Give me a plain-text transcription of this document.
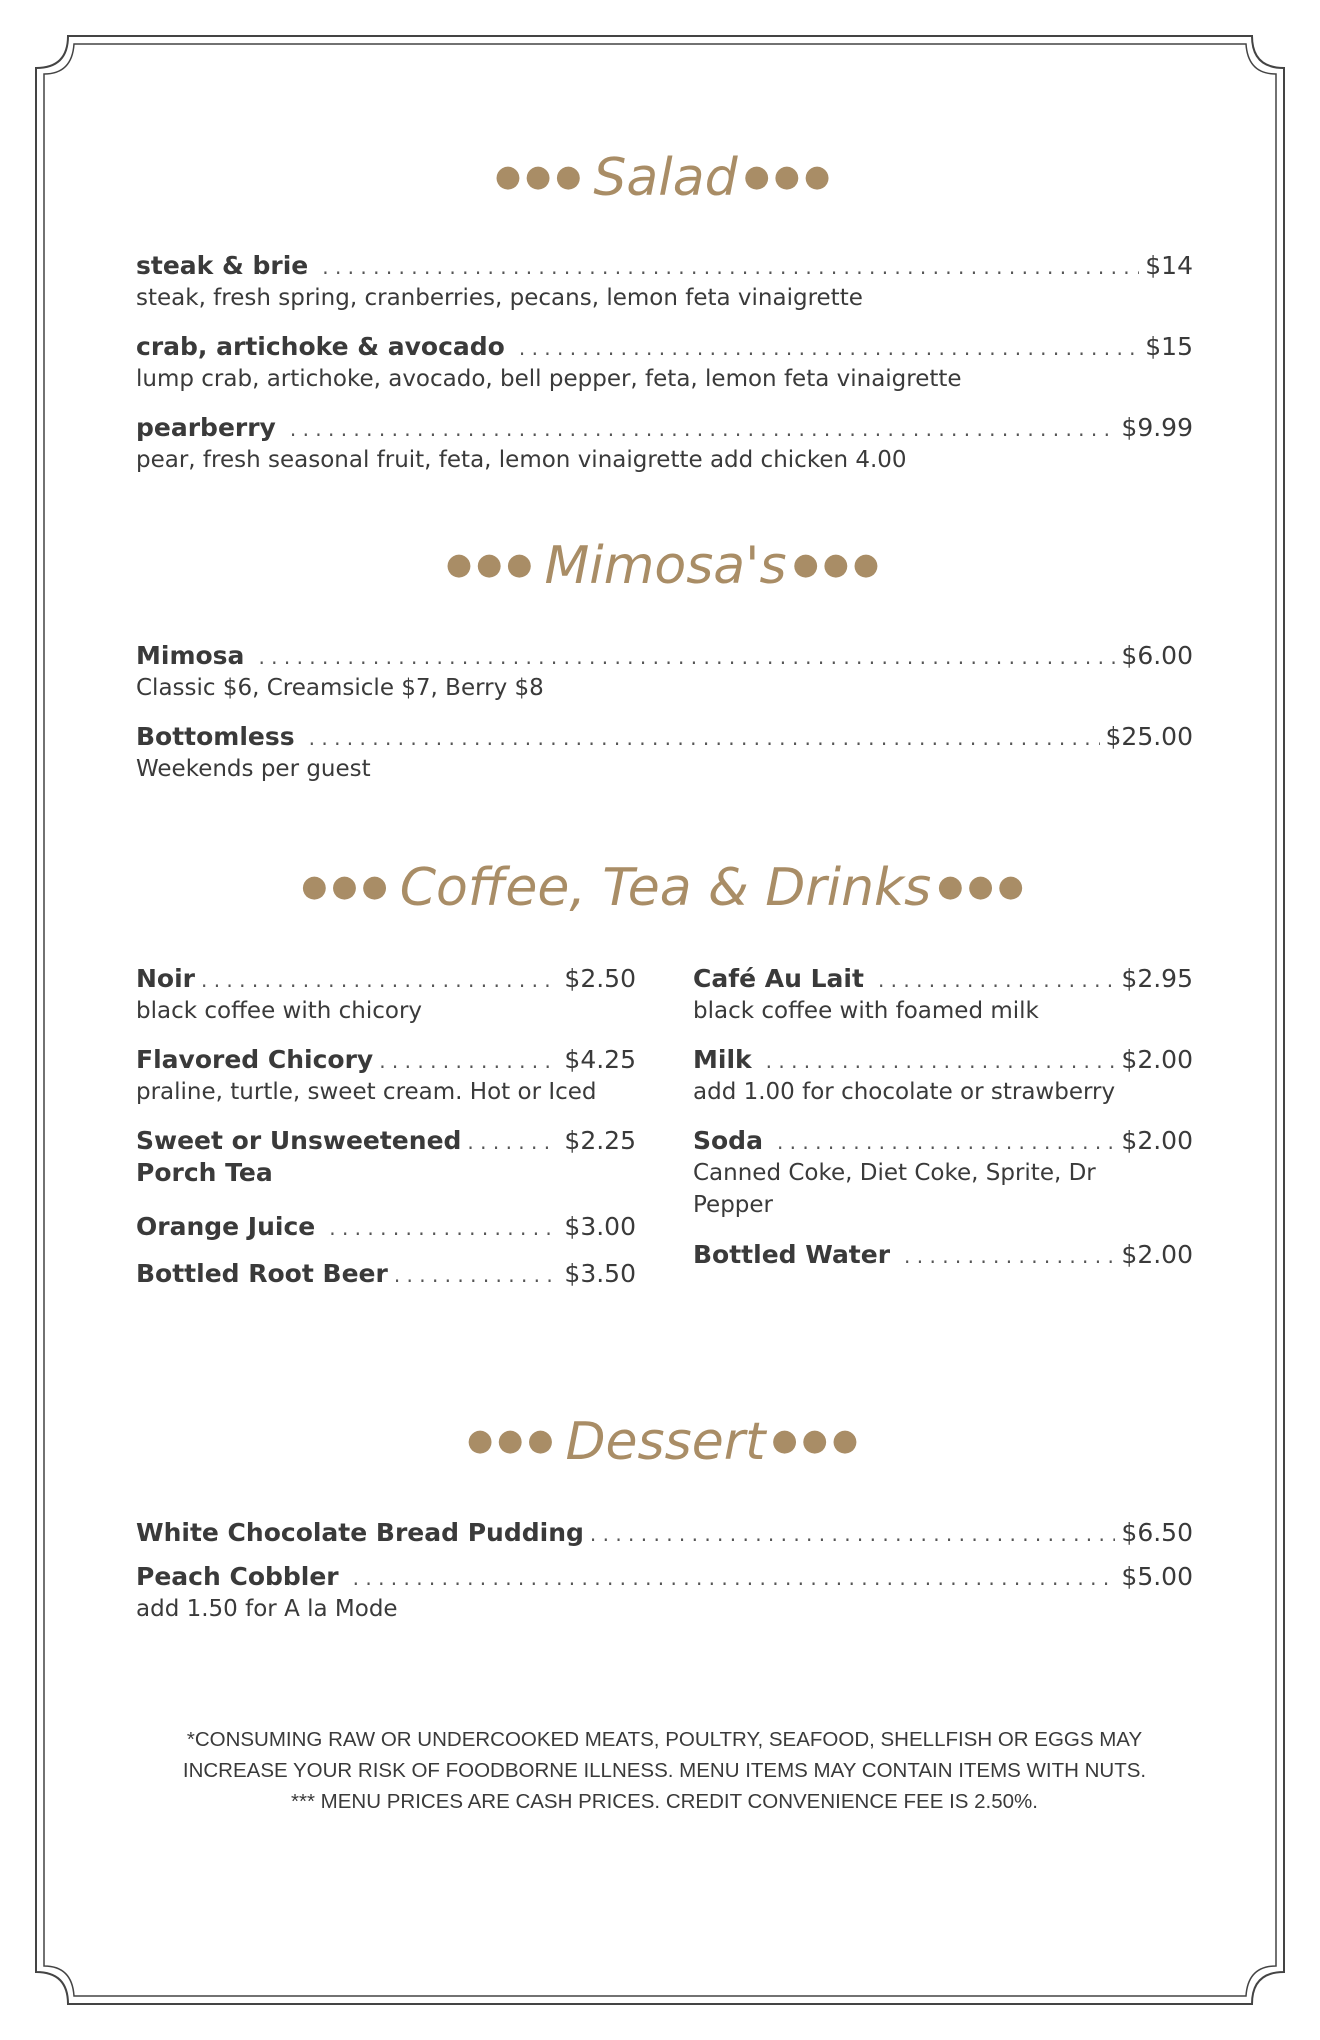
●●● Salad ●●●
steak & brie . . .	$14
steak, fresh spring, cranberries, pecans, lemon feta vinaigrette
crab, artichoke & avocado . . .	$15
lump crab, artichoke, avocado, bell pepper, feta, lemon feta vinaigrette
pearberry . . .	$9.99
pear, fresh seasonal fruit, feta, lemon vinaigrette add chicken 4.00
●●● Mimosa's ●●●
Mimosa . . .	$6.00
Classic $6, Creamsicle $7, Berry $8
Bottomless . . .	$25.00
Weekends per guest
●●● Coffee, Tea & Drinks ●●●
Noir . . .	$2.50
black coffee with chicory
Flavored Chicory . . .	$4.25
praline, turtle, sweet cream. Hot or Iced
Sweet or Unsweetened . . .	$2.25
Porch Tea
Orange Juice . . .	$3.00
Bottled Root Beer . . .	$3.50
Café Au Lait . . .	$2.95
black coffee with foamed milk
Milk . . .	$2.00
add 1.00 for chocolate or strawberry
Soda . . .	$2.00
Canned Coke, Diet Coke, Sprite, Dr
Pepper
Bottled Water . . .	$2.00
●●● Dessert ●●●
White Chocolate Bread Pudding . . .	$6.50
Peach Cobbler . . .	$5.00
add 1.50 for A la Mode
*CONSUMING RAW OR UNDERCOOKED MEATS, POULTRY, SEAFOOD, SHELLFISH OR EGGS MAY
INCREASE YOUR RISK OF FOODBORNE ILLNESS. MENU ITEMS MAY CONTAIN ITEMS WITH NUTS.
*** MENU PRICES ARE CASH PRICES. CREDIT CONVENIENCE FEE IS 2.50%.
